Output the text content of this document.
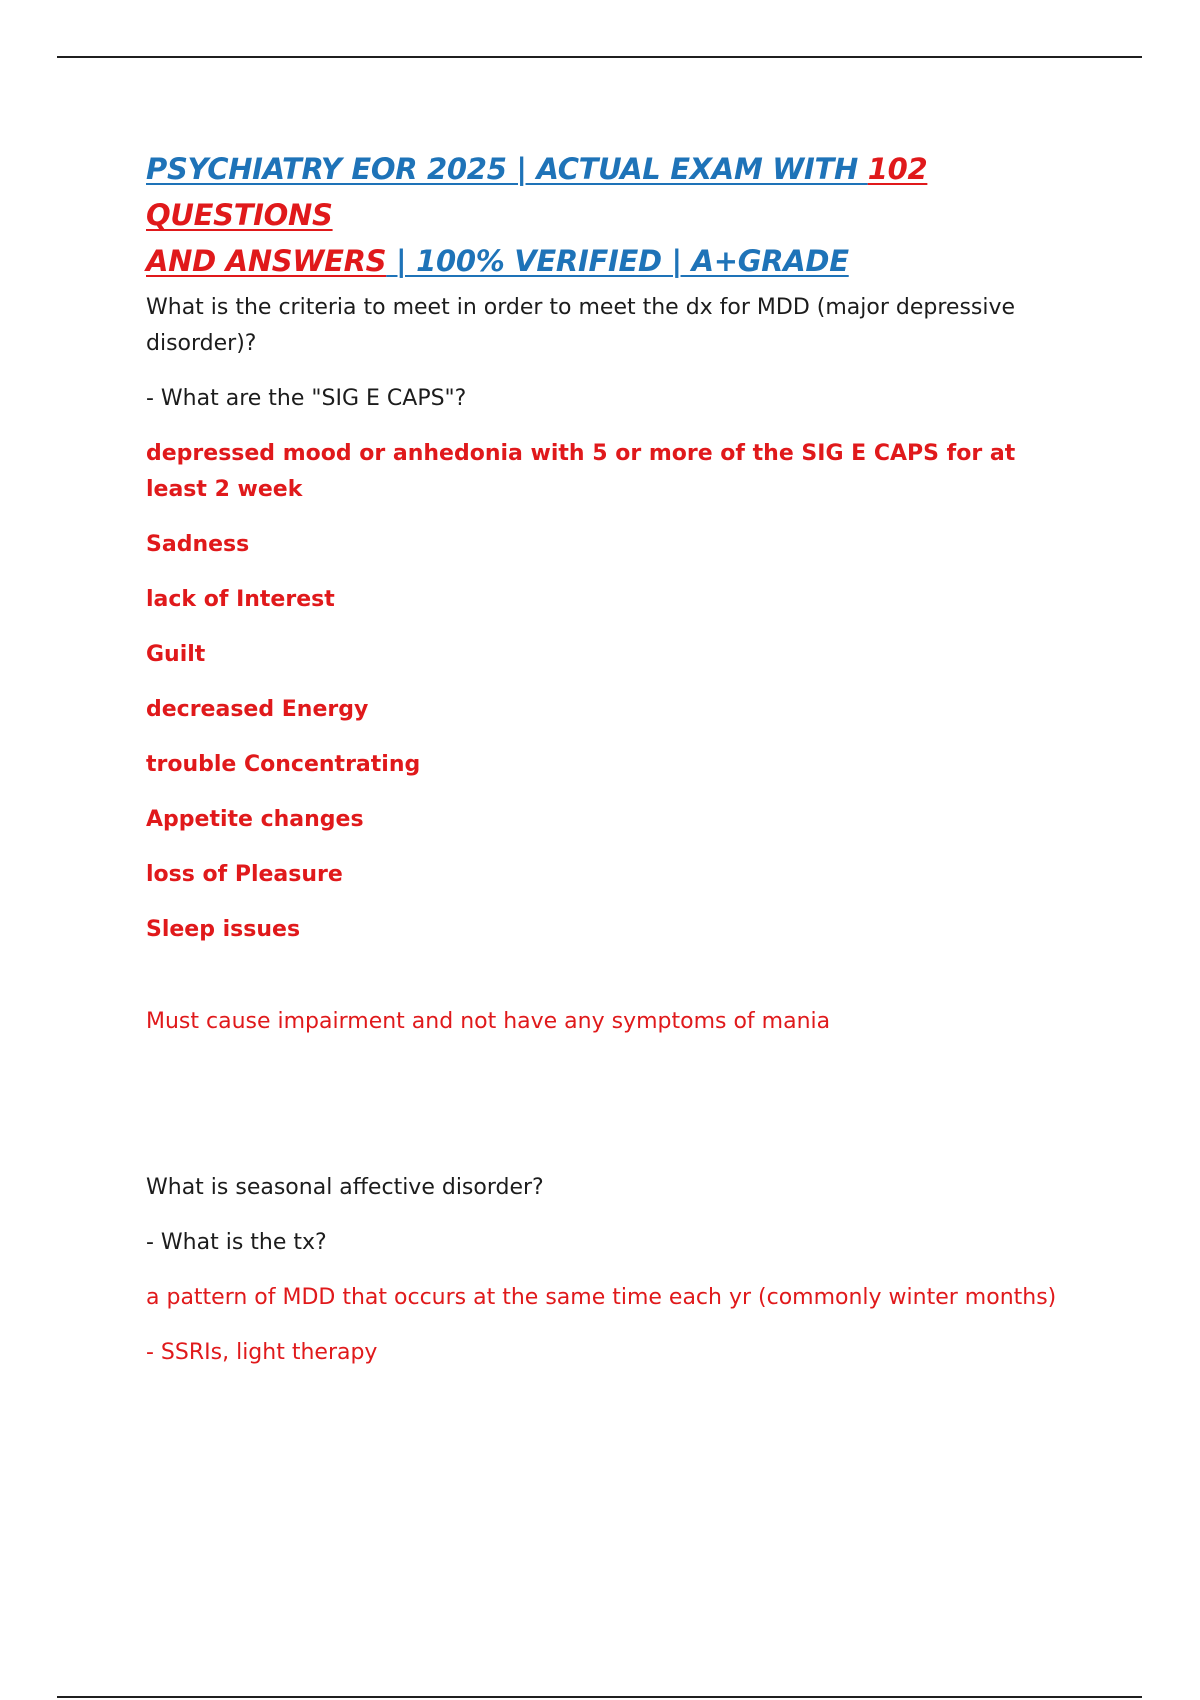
PSYCHIATRY EOR 2025 | ACTUAL EXAM WITH 102 QUESTIONS
AND ANSWERS | 100% VERIFIED | A+GRADE

What is the criteria to meet in order to meet the dx for MDD (major depressive disorder)?

- What are the "SIG E CAPS"?

depressed mood or anhedonia with 5 or more of the SIG E CAPS for at least 2 week

Sadness

lack of Interest

Guilt

decreased Energy

trouble Concentrating

Appetite changes

loss of Pleasure

Sleep issues

Must cause impairment and not have any symptoms of mania

What is seasonal affective disorder?

- What is the tx?

a pattern of MDD that occurs at the same time each yr (commonly winter months)

- SSRIs, light therapy
